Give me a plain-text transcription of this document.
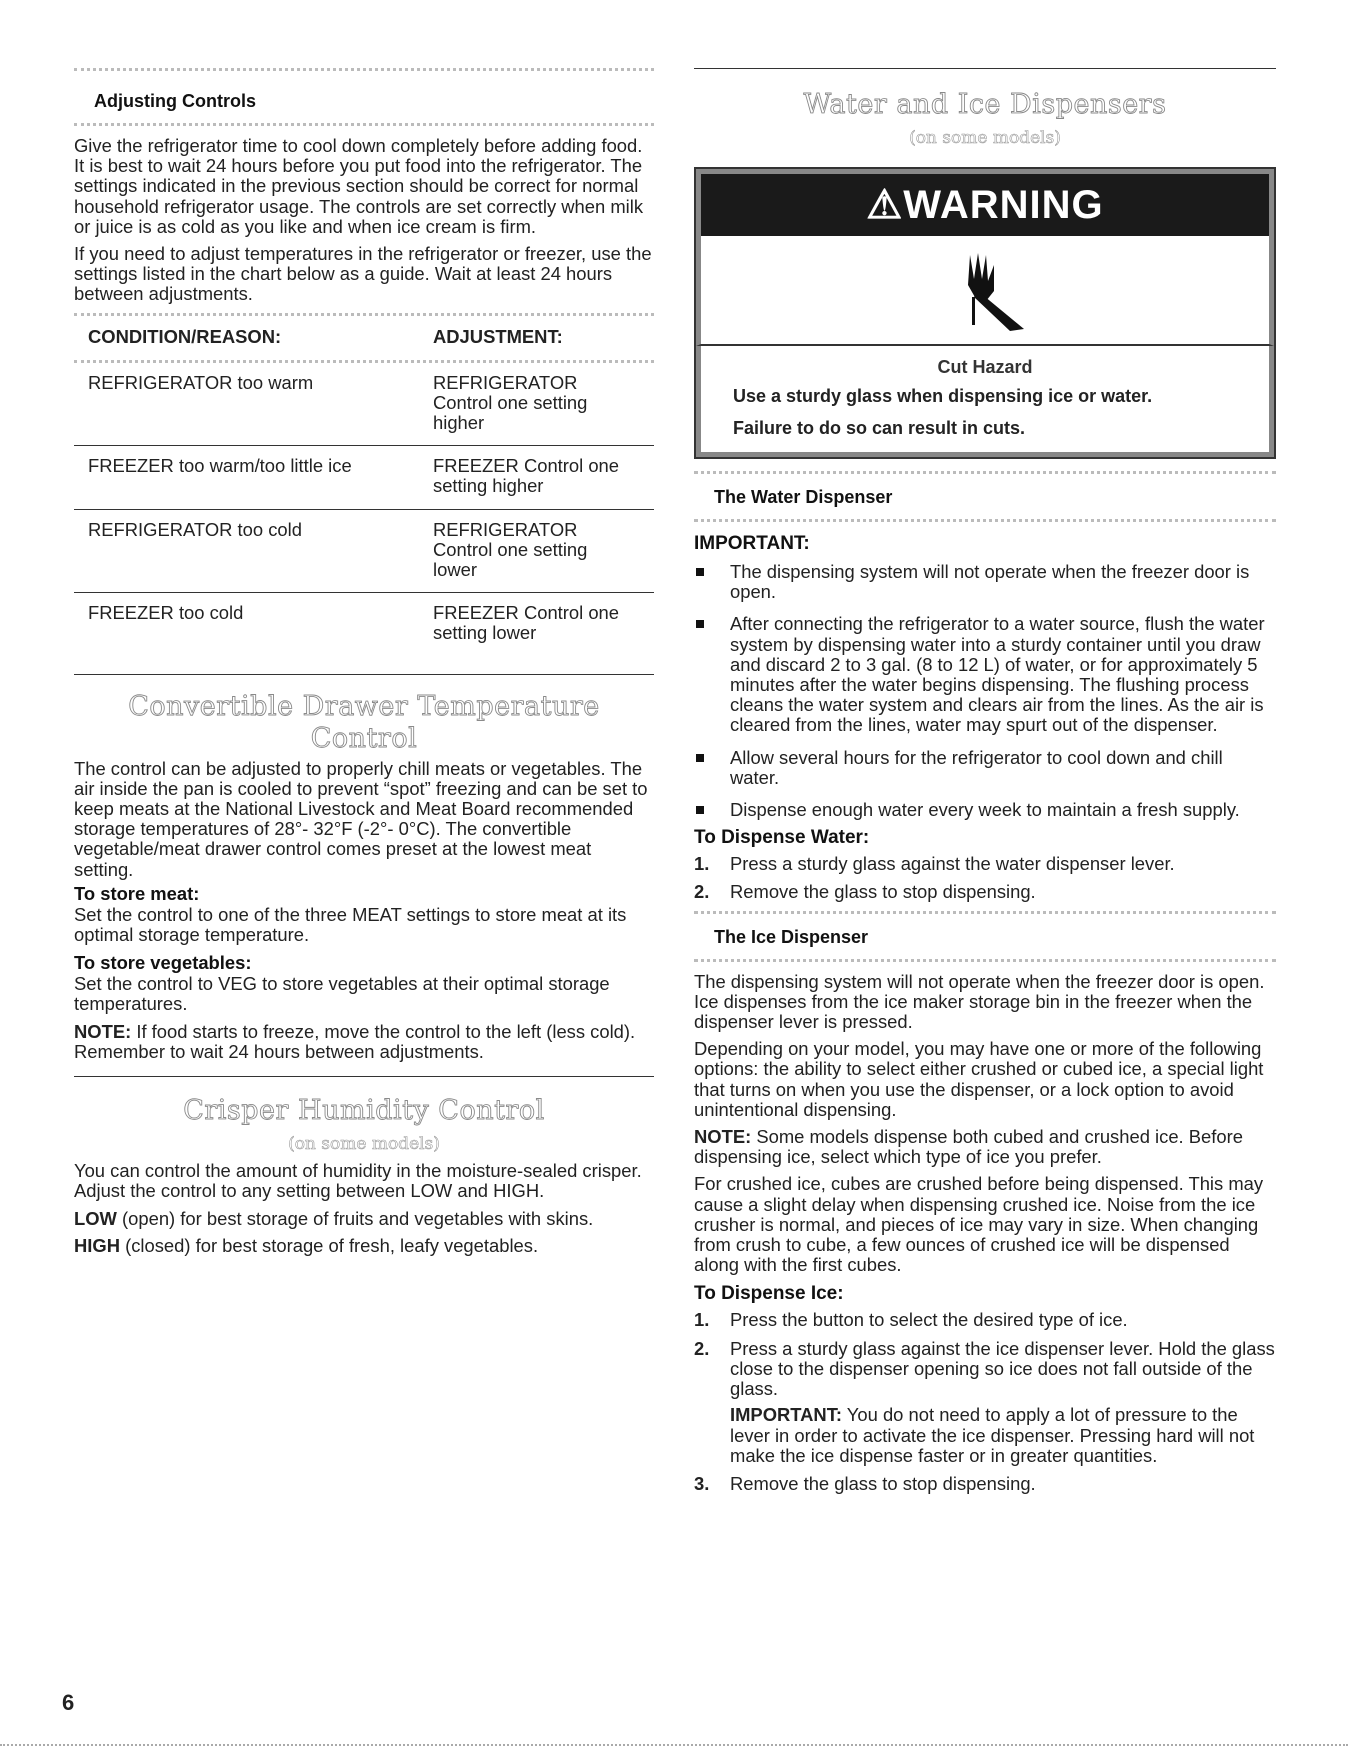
Adjusting Controls

Give the refrigerator time to cool down completely before adding food. It is best to wait 24 hours before you put food into the refrigerator. The settings indicated in the previous section should be correct for normal household refrigerator usage. The controls are set correctly when milk or juice is as cold as you like and when ice cream is firm.

If you need to adjust temperatures in the refrigerator or freezer, use the settings listed in the chart below as a guide. Wait at least 24 hours between adjustments.

CONDITION/REASON:	ADJUSTMENT:
REFRIGERATOR too warm	REFRIGERATOR Control one setting higher
FREEZER too warm/too little ice	FREEZER Control one setting higher
REFRIGERATOR too cold	REFRIGERATOR Control one setting lower
FREEZER too cold	FREEZER Control one setting lower
Convertible Drawer Temperature Control

The control can be adjusted to properly chill meats or vegetables. The air inside the pan is cooled to prevent “spot” freezing and can be set to keep meats at the National Livestock and Meat Board recommended storage temperatures of 28°- 32°F (-2°- 0°C). The convertible vegetable/meat drawer control comes preset at the lowest meat setting.

To store meat:

Set the control to one of the three MEAT settings to store meat at its optimal storage temperature.

To store vegetables:

Set the control to VEG to store vegetables at their optimal storage temperatures.

NOTE: If food starts to freeze, move the control to the left (less cold). Remember to wait 24 hours between adjustments.

Crisper Humidity Control
(on some models)

You can control the amount of humidity in the moisture-sealed crisper. Adjust the control to any setting between LOW and HIGH.

LOW (open) for best storage of fruits and vegetables with skins.

HIGH (closed) for best storage of fresh, leafy vegetables.

Water and Ice Dispensers
(on some models)
⚠WARNING
Cut Hazard
Use a sturdy glass when dispensing ice or water.
Failure to do so can result in cuts.
The Water Dispenser
IMPORTANT:
The dispensing system will not operate when the freezer door is open.
After connecting the refrigerator to a water source, flush the water system by dispensing water into a sturdy container until you draw and discard 2 to 3 gal. (8 to 12 L) of water, or for approximately 5 minutes after the water begins dispensing. The flushing process cleans the water system and clears air from the lines. As the air is cleared from the lines, water may spurt out of the dispenser.
Allow several hours for the refrigerator to cool down and chill water.
Dispense enough water every week to maintain a fresh supply.
To Dispense Water:
1. Press a sturdy glass against the water dispenser lever.
2. Remove the glass to stop dispensing.
The Ice Dispenser

The dispensing system will not operate when the freezer door is open. Ice dispenses from the ice maker storage bin in the freezer when the dispenser lever is pressed.

Depending on your model, you may have one or more of the following options: the ability to select either crushed or cubed ice, a special light that turns on when you use the dispenser, or a lock option to avoid unintentional dispensing.

NOTE: Some models dispense both cubed and crushed ice. Before dispensing ice, select which type of ice you prefer.

For crushed ice, cubes are crushed before being dispensed. This may cause a slight delay when dispensing crushed ice. Noise from the ice crusher is normal, and pieces of ice may vary in size. When changing from crush to cube, a few ounces of crushed ice will be dispensed along with the first cubes.

To Dispense Ice:
1. Press the button to select the desired type of ice.
2. Press a sturdy glass against the ice dispenser lever. Hold the glass close to the dispenser opening so ice does not fall outside of the glass.
IMPORTANT: You do not need to apply a lot of pressure to the lever in order to activate the ice dispenser. Pressing hard will not make the ice dispense faster or in greater quantities.
3. Remove the glass to stop dispensing.
6
